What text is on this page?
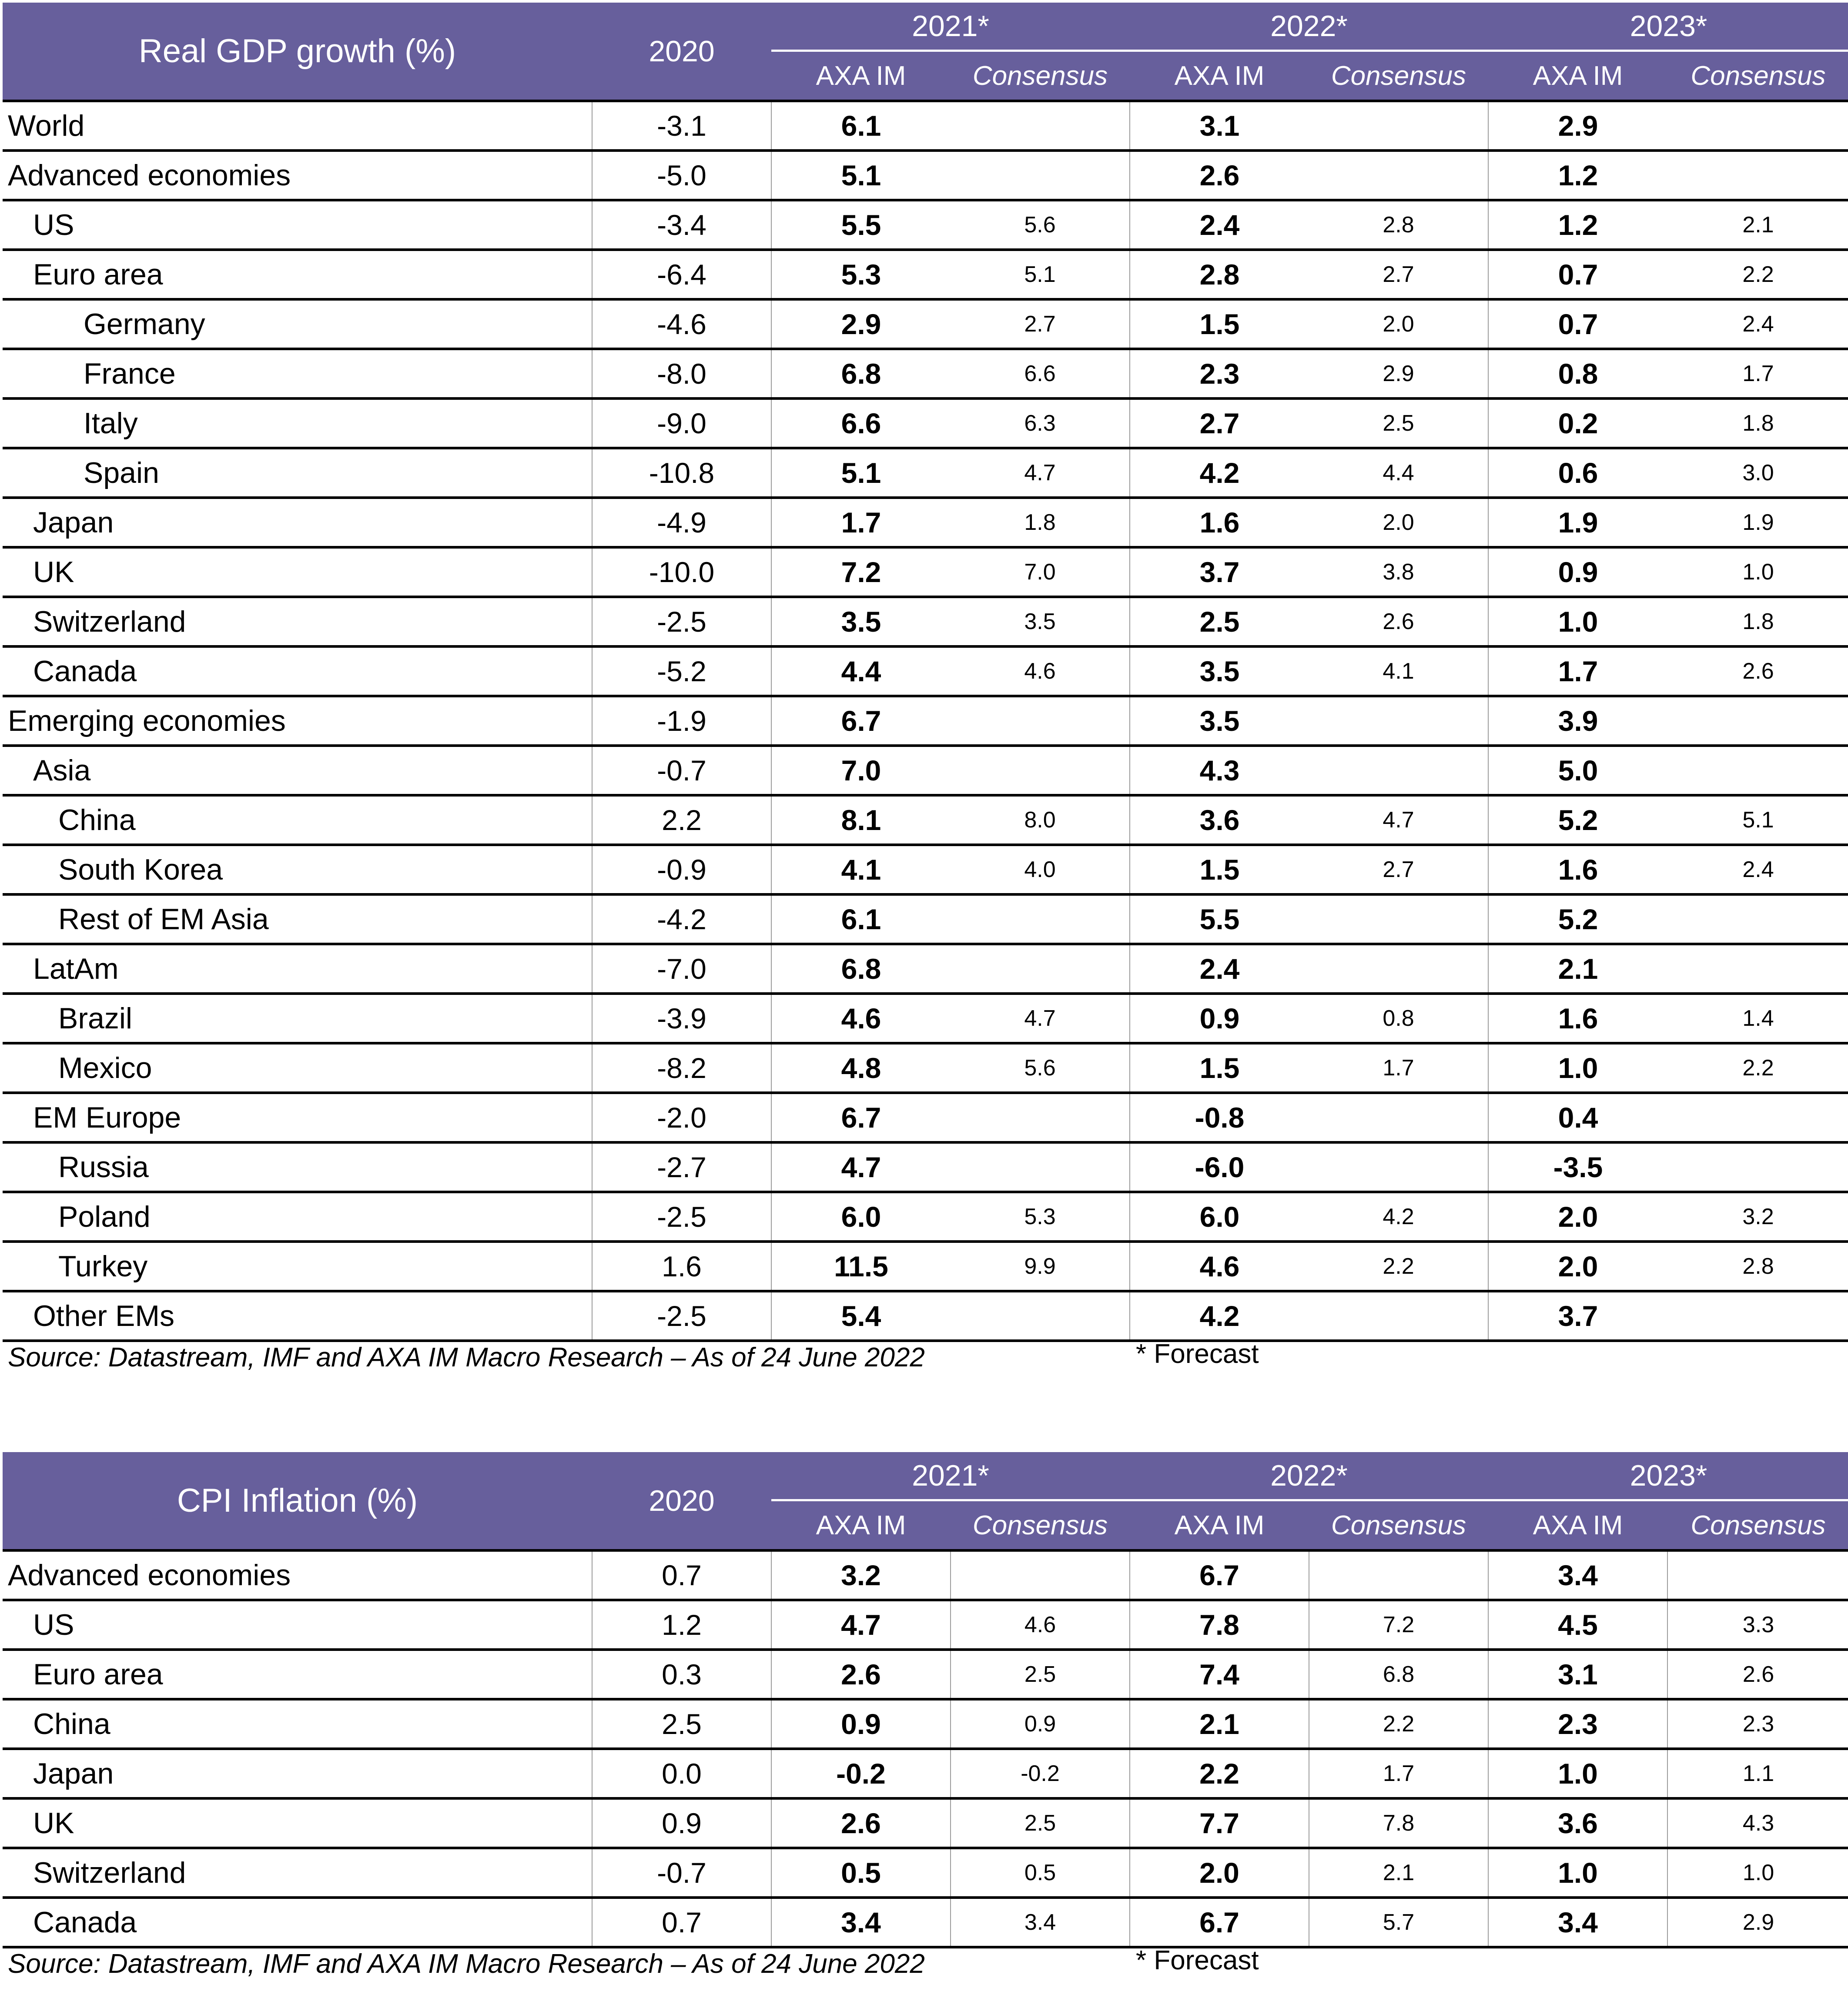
Real GDP growth (%)	2020	2021*		2022*		2023*	
		AXA IM	Consensus	AXA IM	Consensus	AXA IM	Consensus
World	-3.1	6.1		3.1		2.9	
Advanced economies	-5.0	5.1		2.6		1.2	
US	-3.4	5.5	5.6	2.4	2.8	1.2	2.1
Euro area	-6.4	5.3	5.1	2.8	2.7	0.7	2.2
Germany	-4.6	2.9	2.7	1.5	2.0	0.7	2.4
France	-8.0	6.8	6.6	2.3	2.9	0.8	1.7
Italy	-9.0	6.6	6.3	2.7	2.5	0.2	1.8
Spain	-10.8	5.1	4.7	4.2	4.4	0.6	3.0
Japan	-4.9	1.7	1.8	1.6	2.0	1.9	1.9
UK	-10.0	7.2	7.0	3.7	3.8	0.9	1.0
Switzerland	-2.5	3.5	3.5	2.5	2.6	1.0	1.8
Canada	-5.2	4.4	4.6	3.5	4.1	1.7	2.6
Emerging economies	-1.9	6.7		3.5		3.9	
Asia	-0.7	7.0		4.3		5.0	
China	2.2	8.1	8.0	3.6	4.7	5.2	5.1
South Korea	-0.9	4.1	4.0	1.5	2.7	1.6	2.4
Rest of EM Asia	-4.2	6.1		5.5		5.2	
LatAm	-7.0	6.8		2.4		2.1	
Brazil	-3.9	4.6	4.7	0.9	0.8	1.6	1.4
Mexico	-8.2	4.8	5.6	1.5	1.7	1.0	2.2
EM Europe	-2.0	6.7		-0.8		0.4	
Russia	-2.7	4.7		-6.0		-3.5	
Poland	-2.5	6.0	5.3	6.0	4.2	2.0	3.2
Turkey	1.6	11.5	9.9	4.6	2.2	2.0	2.8
Other EMs	-2.5	5.4		4.2		3.7	
Source: Datastream, IMF and AXA IM Macro Research – As of 24 June 2022	* Forecast
CPI Inflation (%)	2020	2021*		2022*		2023*	
		AXA IM	Consensus	AXA IM	Consensus	AXA IM	Consensus
Advanced economies	0.7	3.2		6.7		3.4	
US	1.2	4.7	4.6	7.8	7.2	4.5	3.3
Euro area	0.3	2.6	2.5	7.4	6.8	3.1	2.6
China	2.5	0.9	0.9	2.1	2.2	2.3	2.3
Japan	0.0	-0.2	-0.2	2.2	1.7	1.0	1.1
UK	0.9	2.6	2.5	7.7	7.8	3.6	4.3
Switzerland	-0.7	0.5	0.5	2.0	2.1	1.0	1.0
Canada	0.7	3.4	3.4	6.7	5.7	3.4	2.9
Source: Datastream, IMF and AXA IM Macro Research – As of 24 June 2022	* Forecast
